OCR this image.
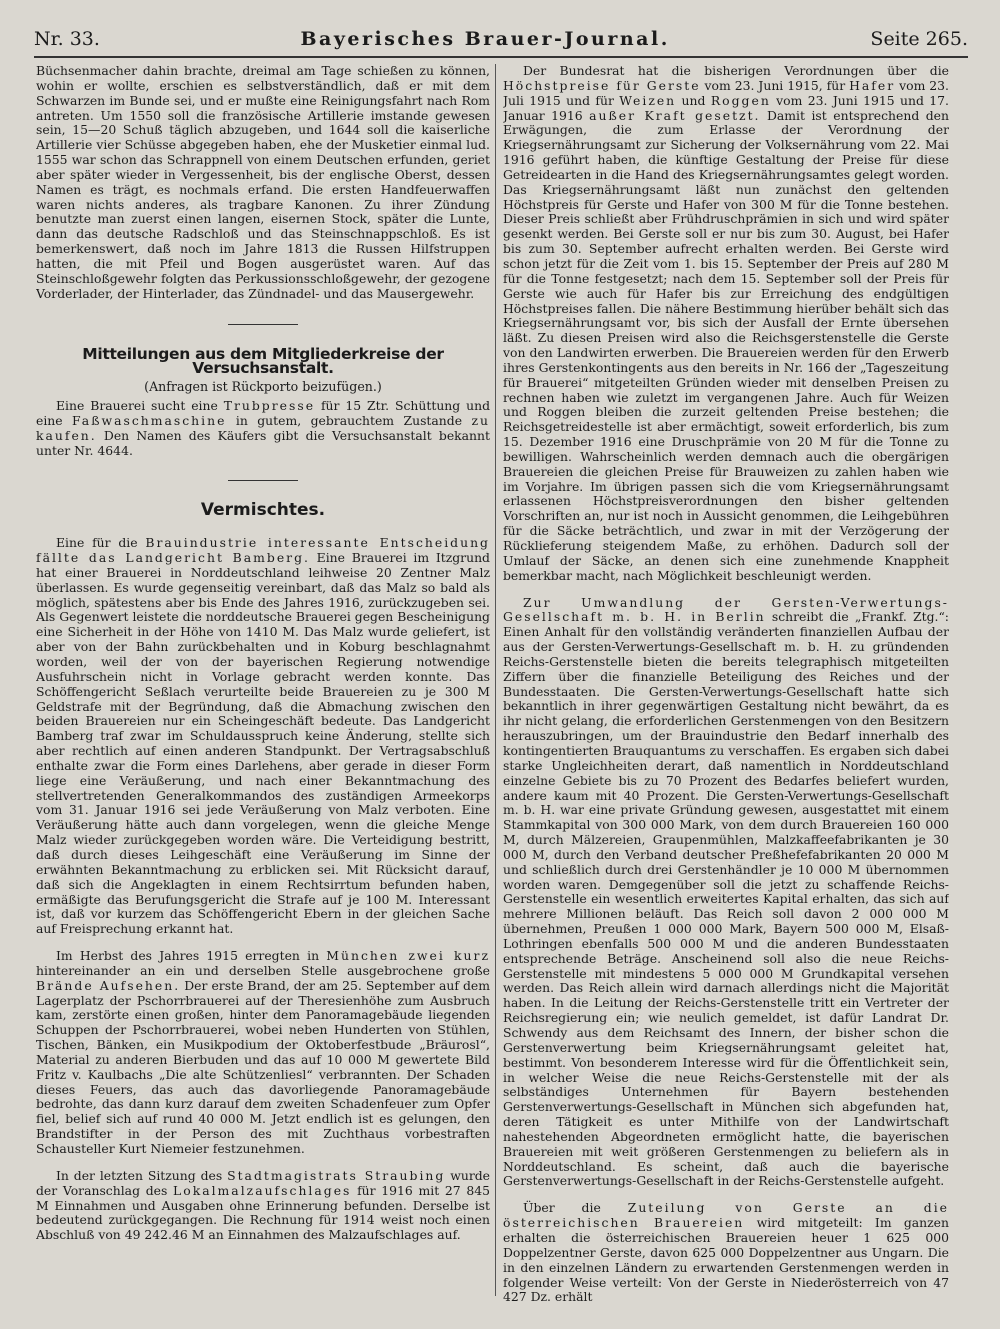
Nr. 33.	Bayerisches Brauer-Journal.	Seite 265.

Büchsenmacher dahin brachte, dreimal am Tage schießen zu können, wohin er wollte, erschien es selbstverständlich, daß er mit dem Schwarzen im Bunde sei, und er mußte eine Reinigungsfahrt nach Rom antreten. Um 1550 soll die französische Artillerie imstande gewesen sein, 15—20 Schuß täglich abzugeben, und 1644 soll die kaiserliche Artillerie vier Schüsse abgegeben haben, ehe der Musketier einmal lud. 1555 war schon das Schrappnell von einem Deutschen erfunden, geriet aber später wieder in Vergessenheit, bis der englische Oberst, dessen Namen es trägt, es nochmals erfand. Die ersten Handfeuerwaffen waren nichts anderes, als tragbare Kanonen. Zu ihrer Zündung benutzte man zuerst einen langen, eisernen Stock, später die Lunte, dann das deutsche Radschloß und das Steinschnappschloß. Es ist bemerkenswert, daß noch im Jahre 1813 die Russen Hilfstruppen hatten, die mit Pfeil und Bogen ausgerüstet waren. Auf das Steinschloßgewehr folgten das Perkussionsschloßgewehr, der gezogene Vorderlader, der Hinterlader, das Zündnadel- und das Mausergewehr.

Mitteilungen aus dem Mitgliederkreise der Versuchsanstalt.
(Anfragen ist Rückporto beizufügen.)

Eine Brauerei sucht eine Trubpresse für 15 Ztr. Schüttung und eine Faßwaschmaschine in gutem, gebrauchtem Zustande zu kaufen. Den Namen des Käufers gibt die Versuchsanstalt bekannt unter Nr. 4644.

Vermischtes.

Eine für die Brauindustrie interessante Entscheidung fällte das Landgericht Bamberg. Eine Brauerei im Itzgrund hat einer Brauerei in Norddeutschland leihweise 20 Zentner Malz überlassen. Es wurde gegenseitig vereinbart, daß das Malz so bald als möglich, spätestens aber bis Ende des Jahres 1916, zurückzugeben sei. Als Gegenwert leistete die norddeutsche Brauerei gegen Bescheinigung eine Sicherheit in der Höhe von 1410 M. Das Malz wurde geliefert, ist aber von der Bahn zurückbehalten und in Koburg beschlagnahmt worden, weil der von der bayerischen Regierung notwendige Ausfuhrschein nicht in Vorlage gebracht werden konnte. Das Schöffengericht Seßlach verurteilte beide Brauereien zu je 300 M Geldstrafe mit der Begründung, daß die Abmachung zwischen den beiden Brauereien nur ein Scheingeschäft bedeute. Das Landgericht Bamberg traf zwar im Schuldausspruch keine Änderung, stellte sich aber rechtlich auf einen anderen Standpunkt. Der Vertragsabschluß enthalte zwar die Form eines Darlehens, aber gerade in dieser Form liege eine Veräußerung, und nach einer Bekanntmachung des stellvertretenden Generalkommandos des zuständigen Armeekorps vom 31. Januar 1916 sei jede Veräußerung von Malz verboten. Eine Veräußerung hätte auch dann vorgelegen, wenn die gleiche Menge Malz wieder zurückgegeben worden wäre. Die Verteidigung bestritt, daß durch dieses Leihgeschäft eine Veräußerung im Sinne der erwähnten Bekanntmachung zu erblicken sei. Mit Rücksicht darauf, daß sich die Angeklagten in einem Rechtsirrtum befunden haben, ermäßigte das Berufungsgericht die Strafe auf je 100 M. Interessant ist, daß vor kurzem das Schöffengericht Ebern in der gleichen Sache auf Freisprechung erkannt hat.

Im Herbst des Jahres 1915 erregten in München zwei kurz hintereinander an ein und derselben Stelle ausgebrochene große Brände Aufsehen. Der erste Brand, der am 25. September auf dem Lagerplatz der Pschorrbrauerei auf der Theresienhöhe zum Ausbruch kam, zerstörte einen großen, hinter dem Panoramagebäude liegenden Schuppen der Pschorrbrauerei, wobei neben Hunderten von Stühlen, Tischen, Bänken, ein Musikpodium der Oktoberfestbude „Bräurosl“, Material zu anderen Bierbuden und das auf 10 000 M gewertete Bild Fritz v. Kaulbachs „Die alte Schützenliesl“ verbrannten. Der Schaden dieses Feuers, das auch das davorliegende Panoramagebäude bedrohte, das dann kurz darauf dem zweiten Schadenfeuer zum Opfer fiel, belief sich auf rund 40 000 M. Jetzt endlich ist es gelungen, den Brandstifter in der Person des mit Zuchthaus vorbestraften Schausteller Kurt Niemeier festzunehmen.

In der letzten Sitzung des Stadtmagistrats Straubing wurde der Voranschlag des Lokalmalzaufschlages für 1916 mit 27 845 M Einnahmen und Ausgaben ohne Erinnerung befunden. Derselbe ist bedeutend zurückgegangen. Die Rechnung für 1914 weist noch einen Abschluß von 49 242.46 M an Einnahmen des Malzaufschlages auf.

Der Bundesrat hat die bisherigen Verordnungen über die Höchstpreise für Gerste vom 23. Juni 1915, für Hafer vom 23. Juli 1915 und für Weizen und Roggen vom 23. Juni 1915 und 17. Januar 1916 außer Kraft gesetzt. Damit ist entsprechend den Erwägungen, die zum Erlasse der Verordnung der Kriegsernährungsamt zur Sicherung der Volksernährung vom 22. Mai 1916 geführt haben, die künftige Gestaltung der Preise für diese Getreidearten in die Hand des Kriegsernährungsamtes gelegt worden. Das Kriegsernährungsamt läßt nun zunächst den geltenden Höchstpreis für Gerste und Hafer von 300 M für die Tonne bestehen. Dieser Preis schließt aber Frühdruschprämien in sich und wird später gesenkt werden. Bei Gerste soll er nur bis zum 30. August, bei Hafer bis zum 30. September aufrecht erhalten werden. Bei Gerste wird schon jetzt für die Zeit vom 1. bis 15. September der Preis auf 280 M für die Tonne festgesetzt; nach dem 15. September soll der Preis für Gerste wie auch für Hafer bis zur Erreichung des endgültigen Höchstpreises fallen. Die nähere Bestimmung hierüber behält sich das Kriegsernährungsamt vor, bis sich der Ausfall der Ernte übersehen läßt. Zu diesen Preisen wird also die Reichsgerstenstelle die Gerste von den Landwirten erwerben. Die Brauereien werden für den Erwerb ihres Gerstenkontingents aus den bereits in Nr. 166 der „Tageszeitung für Brauerei“ mitgeteilten Gründen wieder mit denselben Preisen zu rechnen haben wie zuletzt im vergangenen Jahre. Auch für Weizen und Roggen bleiben die zurzeit geltenden Preise bestehen; die Reichsgetreidestelle ist aber ermächtigt, soweit erforderlich, bis zum 15. Dezember 1916 eine Druschprämie von 20 M für die Tonne zu bewilligen. Wahrscheinlich werden demnach auch die obergärigen Brauereien die gleichen Preise für Brauweizen zu zahlen haben wie im Vorjahre. Im übrigen passen sich die vom Kriegsernährungsamt erlassenen Höchstpreisverordnungen den bisher geltenden Vorschriften an, nur ist noch in Aussicht genommen, die Leihgebühren für die Säcke beträchtlich, und zwar in mit der Verzögerung der Rücklieferung steigendem Maße, zu erhöhen. Dadurch soll der Umlauf der Säcke, an denen sich eine zunehmende Knappheit bemerkbar macht, nach Möglichkeit beschleunigt werden.

Zur Umwandlung der Gersten-Verwertungs-Gesellschaft m. b. H. in Berlin schreibt die „Frankf. Ztg.“: Einen Anhalt für den vollständig veränderten finanziellen Aufbau der aus der Gersten-Verwertungs-Gesellschaft m. b. H. zu gründenden Reichs-Gerstenstelle bieten die bereits telegraphisch mitgeteilten Ziffern über die finanzielle Beteiligung des Reiches und der Bundesstaaten. Die Gersten-Verwertungs-Gesellschaft hatte sich bekanntlich in ihrer gegenwärtigen Gestaltung nicht bewährt, da es ihr nicht gelang, die erforderlichen Gerstenmengen von den Besitzern herauszubringen, um der Brauindustrie den Bedarf innerhalb des kontingentierten Brauquantums zu verschaffen. Es ergaben sich dabei starke Ungleichheiten derart, daß namentlich in Norddeutschland einzelne Gebiete bis zu 70 Prozent des Bedarfes beliefert wurden, andere kaum mit 40 Prozent. Die Gersten-Verwertungs-Gesellschaft m. b. H. war eine private Gründung gewesen, ausgestattet mit einem Stammkapital von 300 000 Mark, von dem durch Brauereien 160 000 M, durch Mälzereien, Graupenmühlen, Malzkaffeefabrikanten je 30 000 M, durch den Verband deutscher Preßhefefabrikanten 20 000 M und schließlich durch drei Gerstenhändler je 10 000 M übernommen worden waren. Demgegenüber soll die jetzt zu schaffende Reichs-Gerstenstelle ein wesentlich erweitertes Kapital erhalten, das sich auf mehrere Millionen beläuft. Das Reich soll davon 2 000 000 M übernehmen, Preußen 1 000 000 Mark, Bayern 500 000 M, Elsaß-Lothringen ebenfalls 500 000 M und die anderen Bundesstaaten entsprechende Beträge. Anscheinend soll also die neue Reichs-Gerstenstelle mit mindestens 5 000 000 M Grundkapital versehen werden. Das Reich allein wird darnach allerdings nicht die Majorität haben. In die Leitung der Reichs-Gerstenstelle tritt ein Vertreter der Reichsregierung ein; wie neulich gemeldet, ist dafür Landrat Dr. Schwendy aus dem Reichsamt des Innern, der bisher schon die Gerstenverwertung beim Kriegsernährungsamt geleitet hat, bestimmt. Von besonderem Interesse wird für die Öffentlichkeit sein, in welcher Weise die neue Reichs-Gerstenstelle mit der als selbständiges Unternehmen für Bayern bestehenden Gerstenverwertungs-Gesellschaft in München sich abgefunden hat, deren Tätigkeit es unter Mithilfe von der Landwirtschaft nahestehenden Abgeordneten ermöglicht hatte, die bayerischen Brauereien mit weit größeren Gerstenmengen zu beliefern als in Norddeutschland. Es scheint, daß auch die bayerische Gerstenverwertungs-Gesellschaft in der Reichs-Gerstenstelle aufgeht.

Über die Zuteilung von Gerste an die österreichischen Brauereien wird mitgeteilt: Im ganzen erhalten die österreichischen Brauereien heuer 1 625 000 Doppelzentner Gerste, davon 625 000 Doppelzentner aus Ungarn. Die in den einzelnen Ländern zu erwartenden Gerstenmengen werden in folgender Weise verteilt: Von der Gerste in Niederösterreich von 47 427 Dz. erhält
